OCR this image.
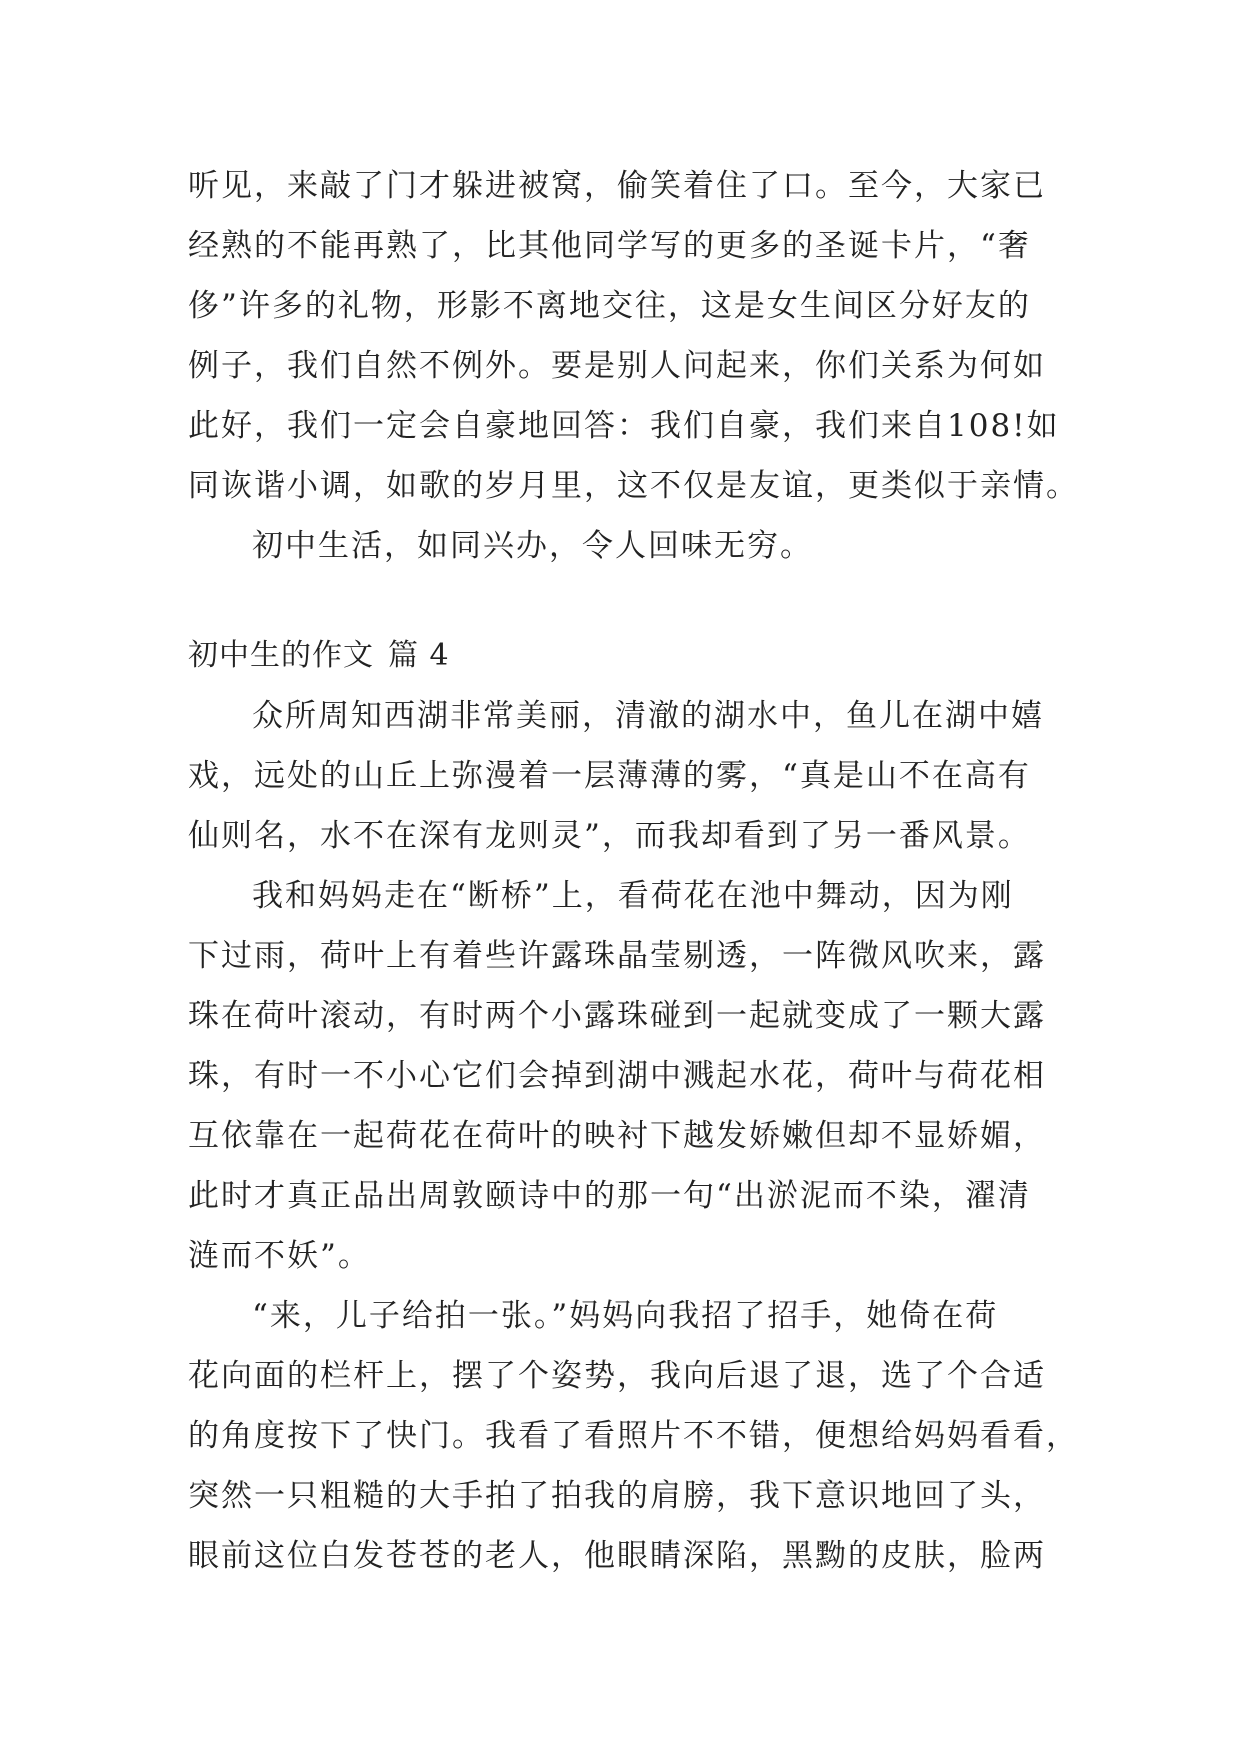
听见，来敲了门才躲进被窝，偷笑着住了口。至今，大家已
经熟的不能再熟了，比其他同学写的更多的圣诞卡片，“奢
侈”许多的礼物，形影不离地交往，这是女生间区分好友的
例子，我们自然不例外。要是别人问起来，你们关系为何如
此好，我们一定会自豪地回答：我们自豪，我们来自108!如
同诙谐小调，如歌的岁月里，这不仅是友谊，更类似于亲情。
初中生活，如同兴办，令人回味无穷。
初中生的作文 篇 4
众所周知西湖非常美丽，清澈的湖水中，鱼儿在湖中嬉
戏，远处的山丘上弥漫着一层薄薄的雾，“真是山不在高有
仙则名，水不在深有龙则灵”，而我却看到了另一番风景。
我和妈妈走在“断桥”上，看荷花在池中舞动，因为刚
下过雨，荷叶上有着些许露珠晶莹剔透，一阵微风吹来，露
珠在荷叶滚动，有时两个小露珠碰到一起就变成了一颗大露
珠，有时一不小心它们会掉到湖中溅起水花，荷叶与荷花相
互依靠在一起荷花在荷叶的映衬下越发娇嫩但却不显娇媚，
此时才真正品出周敦颐诗中的那一句“出淤泥而不染，濯清
涟而不妖”。
“来，儿子给拍一张。”妈妈向我招了招手，她倚在荷
花向面的栏杆上，摆了个姿势，我向后退了退，选了个合适
的角度按下了快门。我看了看照片不不错，便想给妈妈看看，
突然一只粗糙的大手拍了拍我的肩膀，我下意识地回了头，
眼前这位白发苍苍的老人，他眼睛深陷，黑黝的皮肤，脸两
